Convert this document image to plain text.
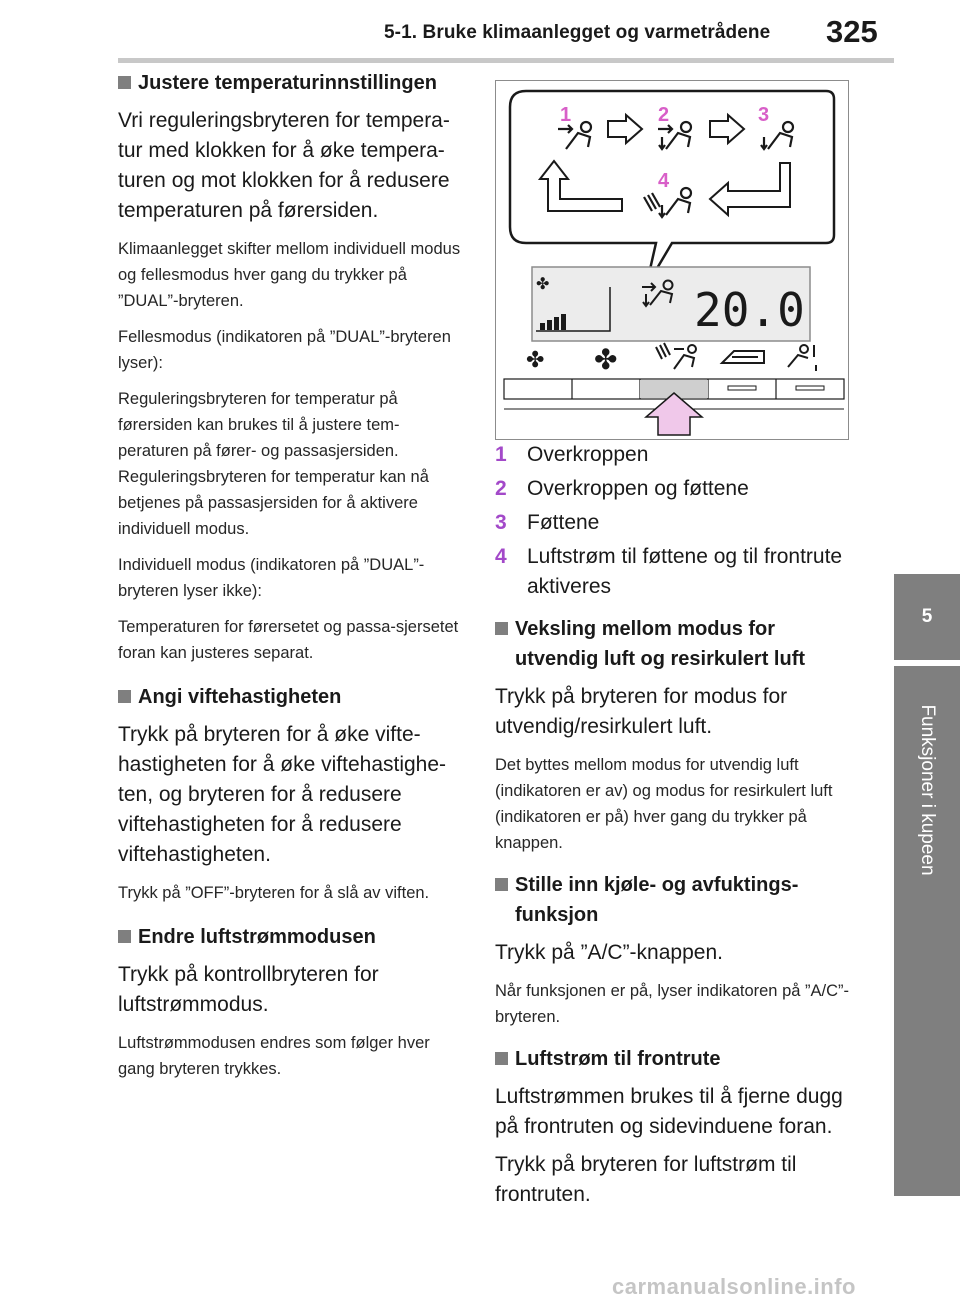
5-1. Bruke klimaanlegget og varmetrådene 325
5
Funksjoner i kupeen
Justere temperaturinnstillingen
Vri reguleringsbryteren for tempera-tur med klokken for å øke tempera-turen og mot klokken for å redusere temperaturen på førersiden.
Klimaanlegget skifter mellom individuell modus og fellesmodus hver gang du trykker på ”DUAL”-bryteren.
Fellesmodus (indikatoren på ”DUAL”-bryteren lyser):
Reguleringsbryteren for temperatur på førersiden kan brukes til å justere tem-peraturen på fører- og passasjersiden. Reguleringsbryteren for temperatur kan nå betjenes på passasjersiden for å aktivere individuell modus.
Individuell modus (indikatoren på ”DUAL”-bryteren lyser ikke):
Temperaturen for førersetet og passa-sjersetet foran kan justeres separat.
Angi viftehastigheten
Trykk på bryteren for å øke vifte-hastigheten for å øke viftehastighe-ten, og bryteren for å redusere viftehastigheten for å redusere viftehastigheten.
Trykk på ”OFF”-bryteren for å slå av viften.
Endre luftstrømmodusen
Trykk på kontrollbryteren for luftstrømmodus.
Luftstrømmodusen endres som følger hver gang bryteren trykkes.
1	2	3
4
✤	20.0
✤ ✤
1 Overkroppen
2 Overkroppen og føttene
3 Føttene
4 Luftstrøm til føttene og til frontrute aktiveres
Veksling mellom modus for utvendig luft og resirkulert luft
Trykk på bryteren for modus for utvendig/resirkulert luft.
Det byttes mellom modus for utvendig luft (indikatoren er av) og modus for resirkulert luft (indikatoren er på) hver gang du trykker på knappen.
Stille inn kjøle- og avfuktings-funksjon
Trykk på ”A/C”-knappen.
Når funksjonen er på, lyser indikatoren på ”A/C”-bryteren.
Luftstrøm til frontrute
Luftstrømmen brukes til å fjerne dugg på frontruten og sidevinduene foran.
Trykk på bryteren for luftstrøm til frontruten.
carmanualsonline.info
